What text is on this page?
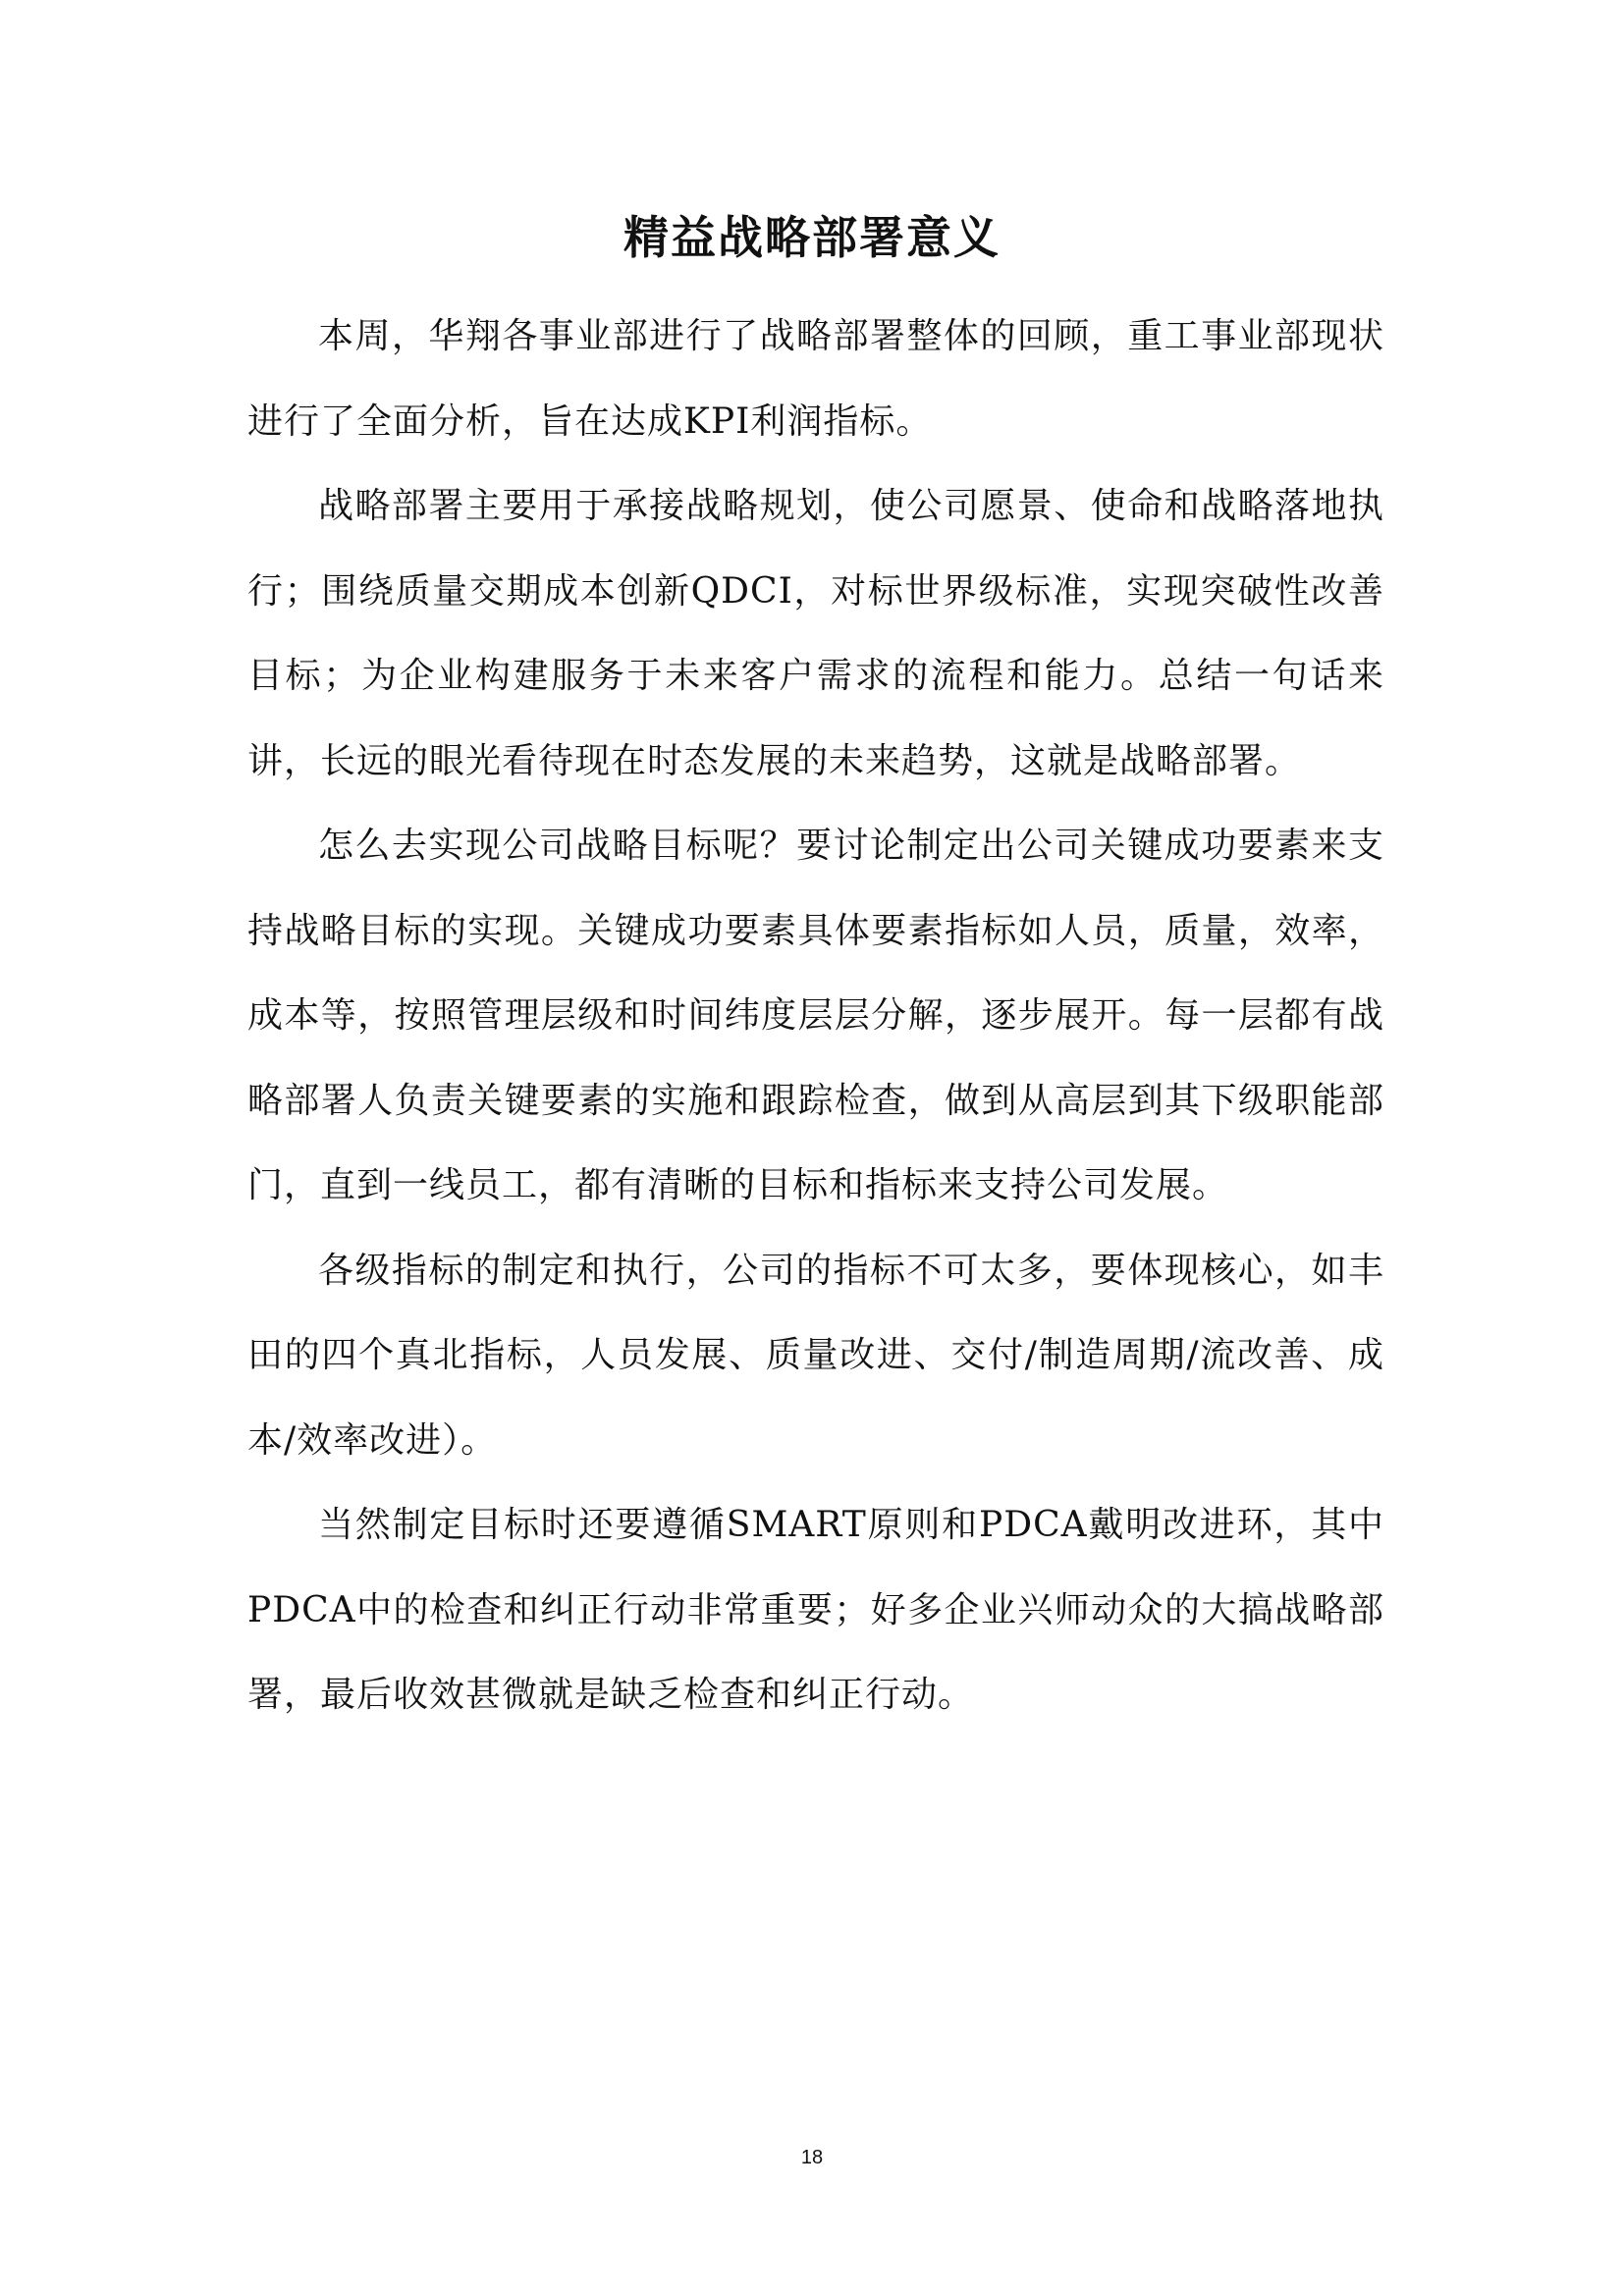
精益战略部署意义

本周，华翔各事业部进行了战略部署整体的回顾，重工事业部现状进行了全面分析，旨在达成KPI利润指标。

战略部署主要用于承接战略规划，使公司愿景、使命和战略落地执行；围绕质量交期成本创新QDCI，对标世界级标准，实现突破性改善目标；为企业构建服务于未来客户需求的流程和能力。总结一句话来讲，长远的眼光看待现在时态发展的未来趋势，这就是战略部署。

怎么去实现公司战略目标呢？要讨论制定出公司关键成功要素来支持战略目标的实现。关键成功要素具体要素指标如人员，质量，效率，成本等，按照管理层级和时间纬度层层分解，逐步展开。每一层都有战略部署人负责关键要素的实施和跟踪检查，做到从高层到其下级职能部门，直到一线员工，都有清晰的目标和指标来支持公司发展。

各级指标的制定和执行，公司的指标不可太多，要体现核心，如丰田的四个真北指标，人员发展、质量改进、交付/制造周期/流改善、成本/效率改进）。

当然制定目标时还要遵循SMART原则和PDCA戴明改进环，其中PDCA中的检查和纠正行动非常重要；好多企业兴师动众的大搞战略部署，最后收效甚微就是缺乏检查和纠正行动。

18
